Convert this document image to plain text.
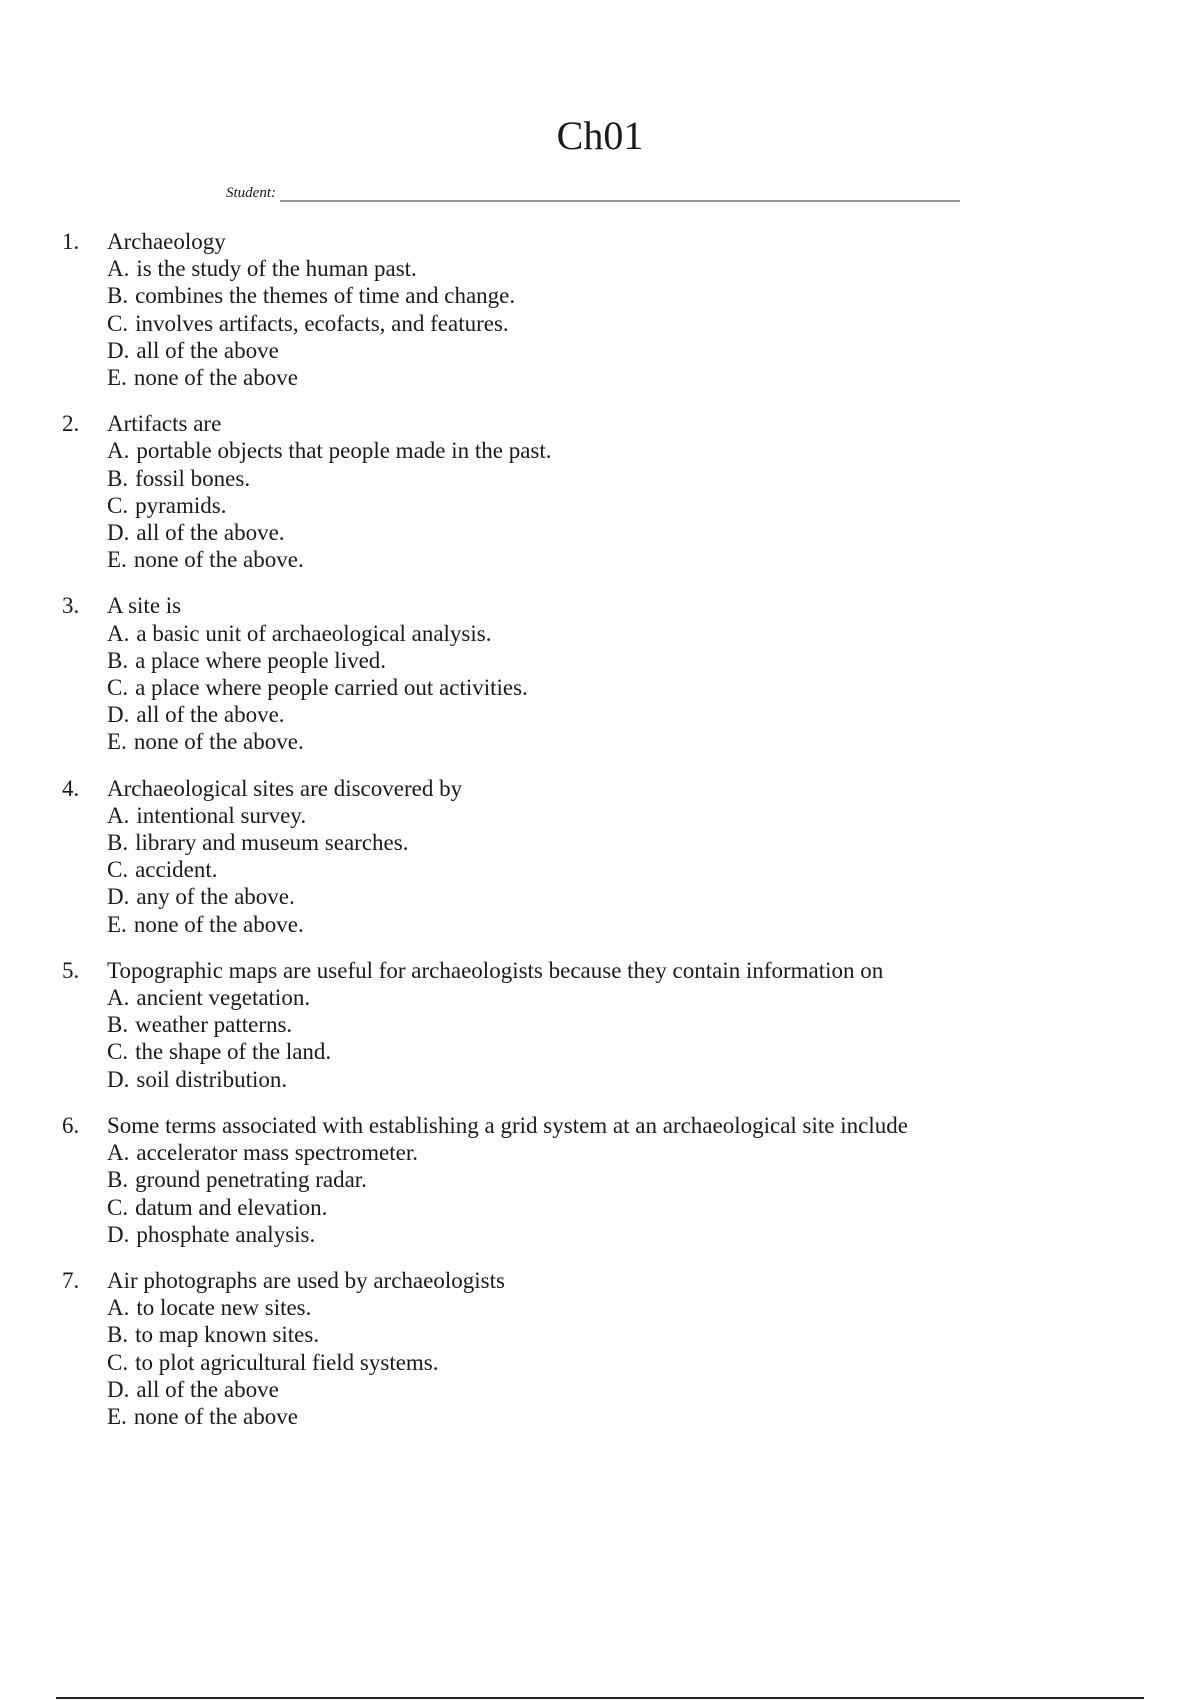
Ch01
Student:
1.	Archaeology
A. is the study of the human past.
B. combines the themes of time and change.
C. involves artifacts, ecofacts, and features.
D. all of the above
E. none of the above
2.	Artifacts are
A. portable objects that people made in the past.
B. fossil bones.
C. pyramids.
D. all of the above.
E. none of the above.
3.	A site is
A. a basic unit of archaeological analysis.
B. a place where people lived.
C. a place where people carried out activities.
D. all of the above.
E. none of the above.
4.	Archaeological sites are discovered by
A. intentional survey.
B. library and museum searches.
C. accident.
D. any of the above.
E. none of the above.
5.	Topographic maps are useful for archaeologists because they contain information on
A. ancient vegetation.
B. weather patterns.
C. the shape of the land.
D. soil distribution.
6.	Some terms associated with establishing a grid system at an archaeological site include
A. accelerator mass spectrometer.
B. ground penetrating radar.
C. datum and elevation.
D. phosphate analysis.
7.	Air photographs are used by archaeologists
A. to locate new sites.
B. to map known sites.
C. to plot agricultural field systems.
D. all of the above
E. none of the above
